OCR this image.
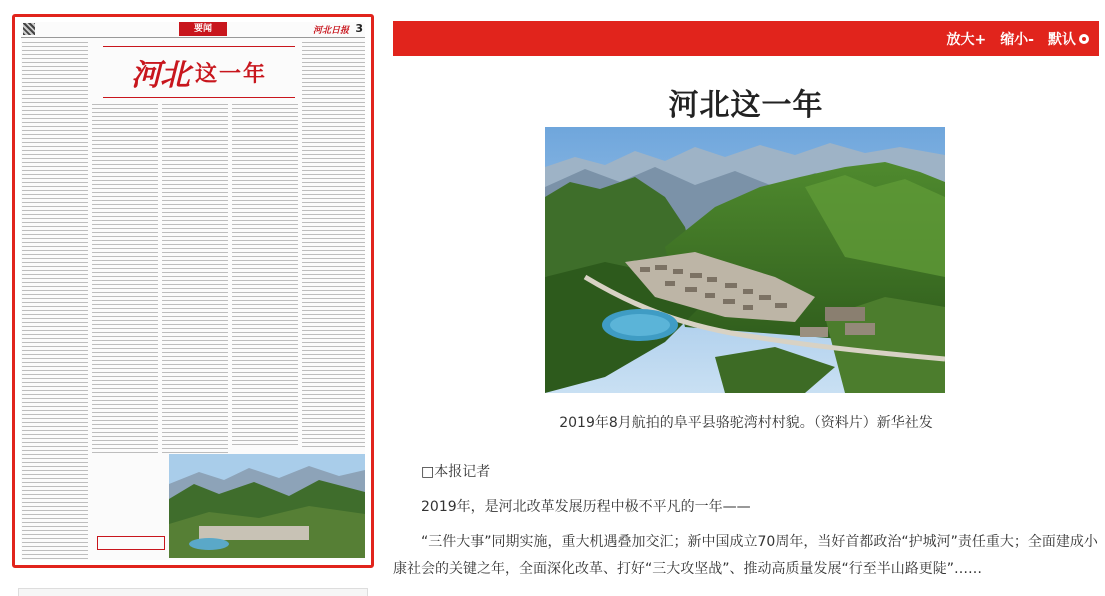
要闻	河北日报 3
河北 这一年
放大+ 缩小- 默认
河北这一年

2019年8月航拍的阜平县骆驼湾村村貌。（资料片）新华社发

□本报记者

2019年，是河北改革发展历程中极不平凡的一年——

“三件大事”同期实施，重大机遇叠加交汇；新中国成立70周年，当好首都政治“护城河”责任重大；全面建成小康社会的关键之年，全面深化改革、打好“三大攻坚战”、推动高质量发展“行至半山路更陡”……
